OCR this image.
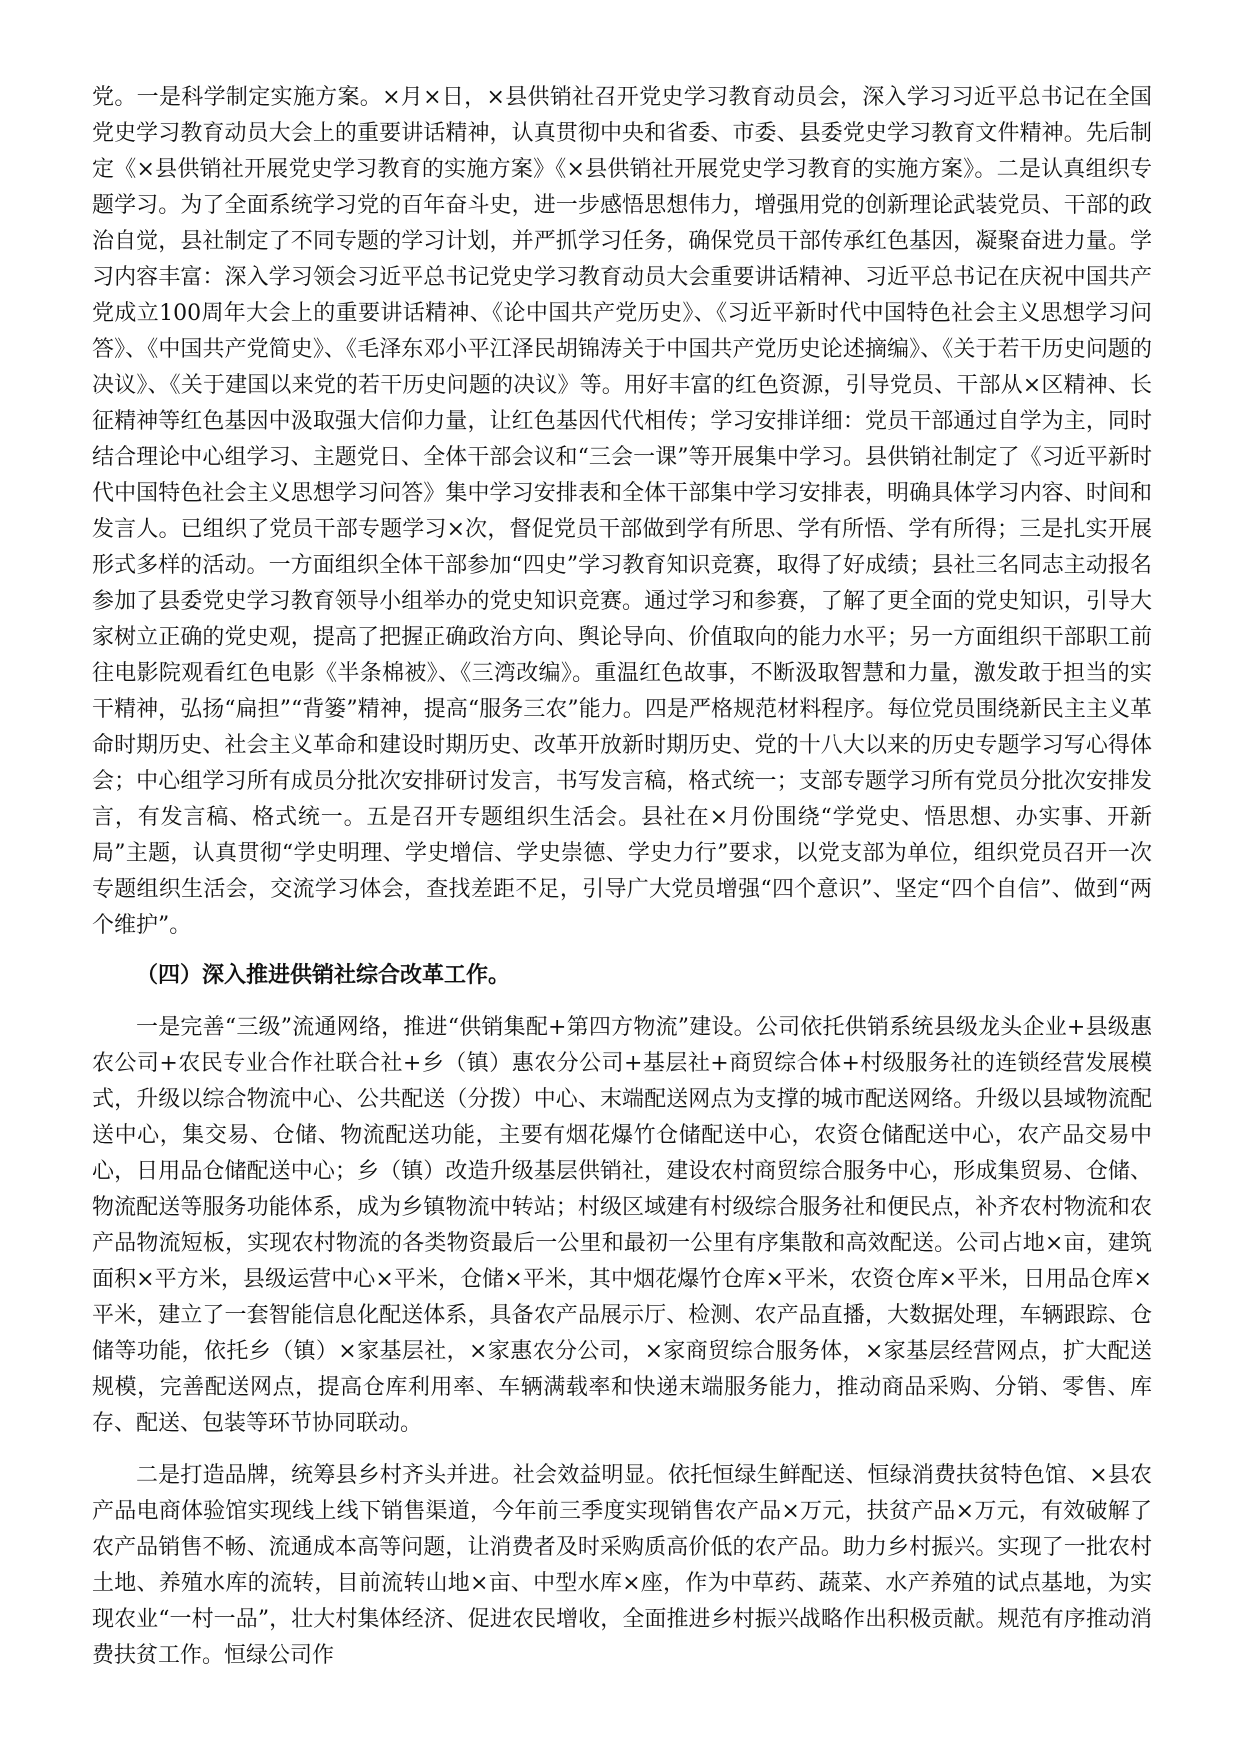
党。一是科学制定实施方案。×月×日，×县供销社召开党史学习教育动员会，深入学习习近平总书记在全国党史学习教育动员大会上的重要讲话精神，认真贯彻中央和省委、市委、县委党史学习教育文件精神。先后制定《×县供销社开展党史学习教育的实施方案》《×县供销社开展党史学习教育的实施方案》。二是认真组织专题学习。为了全面系统学习党的百年奋斗史，进一步感悟思想伟力，增强用党的创新理论武装党员、干部的政治自觉，县社制定了不同专题的学习计划，并严抓学习任务，确保党员干部传承红色基因，凝聚奋进力量。学习内容丰富：深入学习领会习近平总书记党史学习教育动员大会重要讲话精神、习近平总书记在庆祝中国共产党成立100周年大会上的重要讲话精神、《论中国共产党历史》、《习近平新时代中国特色社会主义思想学习问答》、《中国共产党简史》、《毛泽东邓小平江泽民胡锦涛关于中国共产党历史论述摘编》、《关于若干历史问题的决议》、《关于建国以来党的若干历史问题的决议》等。用好丰富的红色资源，引导党员、干部从×区精神、长征精神等红色基因中汲取强大信仰力量，让红色基因代代相传；学习安排详细：党员干部通过自学为主，同时结合理论中心组学习、主题党日、全体干部会议和“三会一课”等开展集中学习。县供销社制定了《习近平新时代中国特色社会主义思想学习问答》集中学习安排表和全体干部集中学习安排表，明确具体学习内容、时间和发言人。已组织了党员干部专题学习×次，督促党员干部做到学有所思、学有所悟、学有所得；三是扎实开展形式多样的活动。一方面组织全体干部参加“四史”学习教育知识竞赛，取得了好成绩；县社三名同志主动报名参加了县委党史学习教育领导小组举办的党史知识竞赛。通过学习和参赛，了解了更全面的党史知识，引导大家树立正确的党史观，提高了把握正确政治方向、舆论导向、价值取向的能力水平；另一方面组织干部职工前往电影院观看红色电影《半条棉被》、《三湾改编》。重温红色故事，不断汲取智慧和力量，激发敢于担当的实干精神，弘扬“扁担”“背篓”精神，提高“服务三农”能力。四是严格规范材料程序。每位党员围绕新民主主义革命时期历史、社会主义革命和建设时期历史、改革开放新时期历史、党的十八大以来的历史专题学习写心得体会；中心组学习所有成员分批次安排研讨发言，书写发言稿，格式统一；支部专题学习所有党员分批次安排发言，有发言稿、格式统一。五是召开专题组织生活会。县社在×月份围绕“学党史、悟思想、办实事、开新局”主题，认真贯彻“学史明理、学史增信、学史崇德、学史力行”要求，以党支部为单位，组织党员召开一次专题组织生活会，交流学习体会，查找差距不足，引导广大党员增强“四个意识”、坚定“四个自信”、做到“两个维护”。

（四）深入推进供销社综合改革工作。

一是完善“三级”流通网络，推进“供销集配+第四方物流”建设。公司依托供销系统县级龙头企业+县级惠农公司+农民专业合作社联合社+乡（镇）惠农分公司+基层社+商贸综合体+村级服务社的连锁经营发展模式，升级以综合物流中心、公共配送（分拨）中心、末端配送网点为支撑的城市配送网络。升级以县域物流配送中心，集交易、仓储、物流配送功能，主要有烟花爆竹仓储配送中心，农资仓储配送中心，农产品交易中心，日用品仓储配送中心；乡（镇）改造升级基层供销社，建设农村商贸综合服务中心，形成集贸易、仓储、物流配送等服务功能体系，成为乡镇物流中转站；村级区域建有村级综合服务社和便民点，补齐农村物流和农产品物流短板，实现农村物流的各类物资最后一公里和最初一公里有序集散和高效配送。公司占地×亩，建筑面积×平方米，县级运营中心×平米，仓储×平米，其中烟花爆竹仓库×平米，农资仓库×平米，日用品仓库×平米，建立了一套智能信息化配送体系，具备农产品展示厅、检测、农产品直播，大数据处理，车辆跟踪、仓储等功能，依托乡（镇）×家基层社，×家惠农分公司，×家商贸综合服务体，×家基层经营网点，扩大配送规模，完善配送网点，提高仓库利用率、车辆满载率和快递末端服务能力，推动商品采购、分销、零售、库存、配送、包装等环节协同联动。

二是打造品牌，统筹县乡村齐头并进。社会效益明显。依托恒绿生鲜配送、恒绿消费扶贫特色馆、×县农产品电商体验馆实现线上线下销售渠道，今年前三季度实现销售农产品×万元，扶贫产品×万元，有效破解了农产品销售不畅、流通成本高等问题，让消费者及时采购质高价低的农产品。助力乡村振兴。实现了一批农村土地、养殖水库的流转，目前流转山地×亩、中型水库×座，作为中草药、蔬菜、水产养殖的试点基地，为实现农业“一村一品”，壮大村集体经济、促进农民增收，全面推进乡村振兴战略作出积极贡献。规范有序推动消费扶贫工作。恒绿公司作
